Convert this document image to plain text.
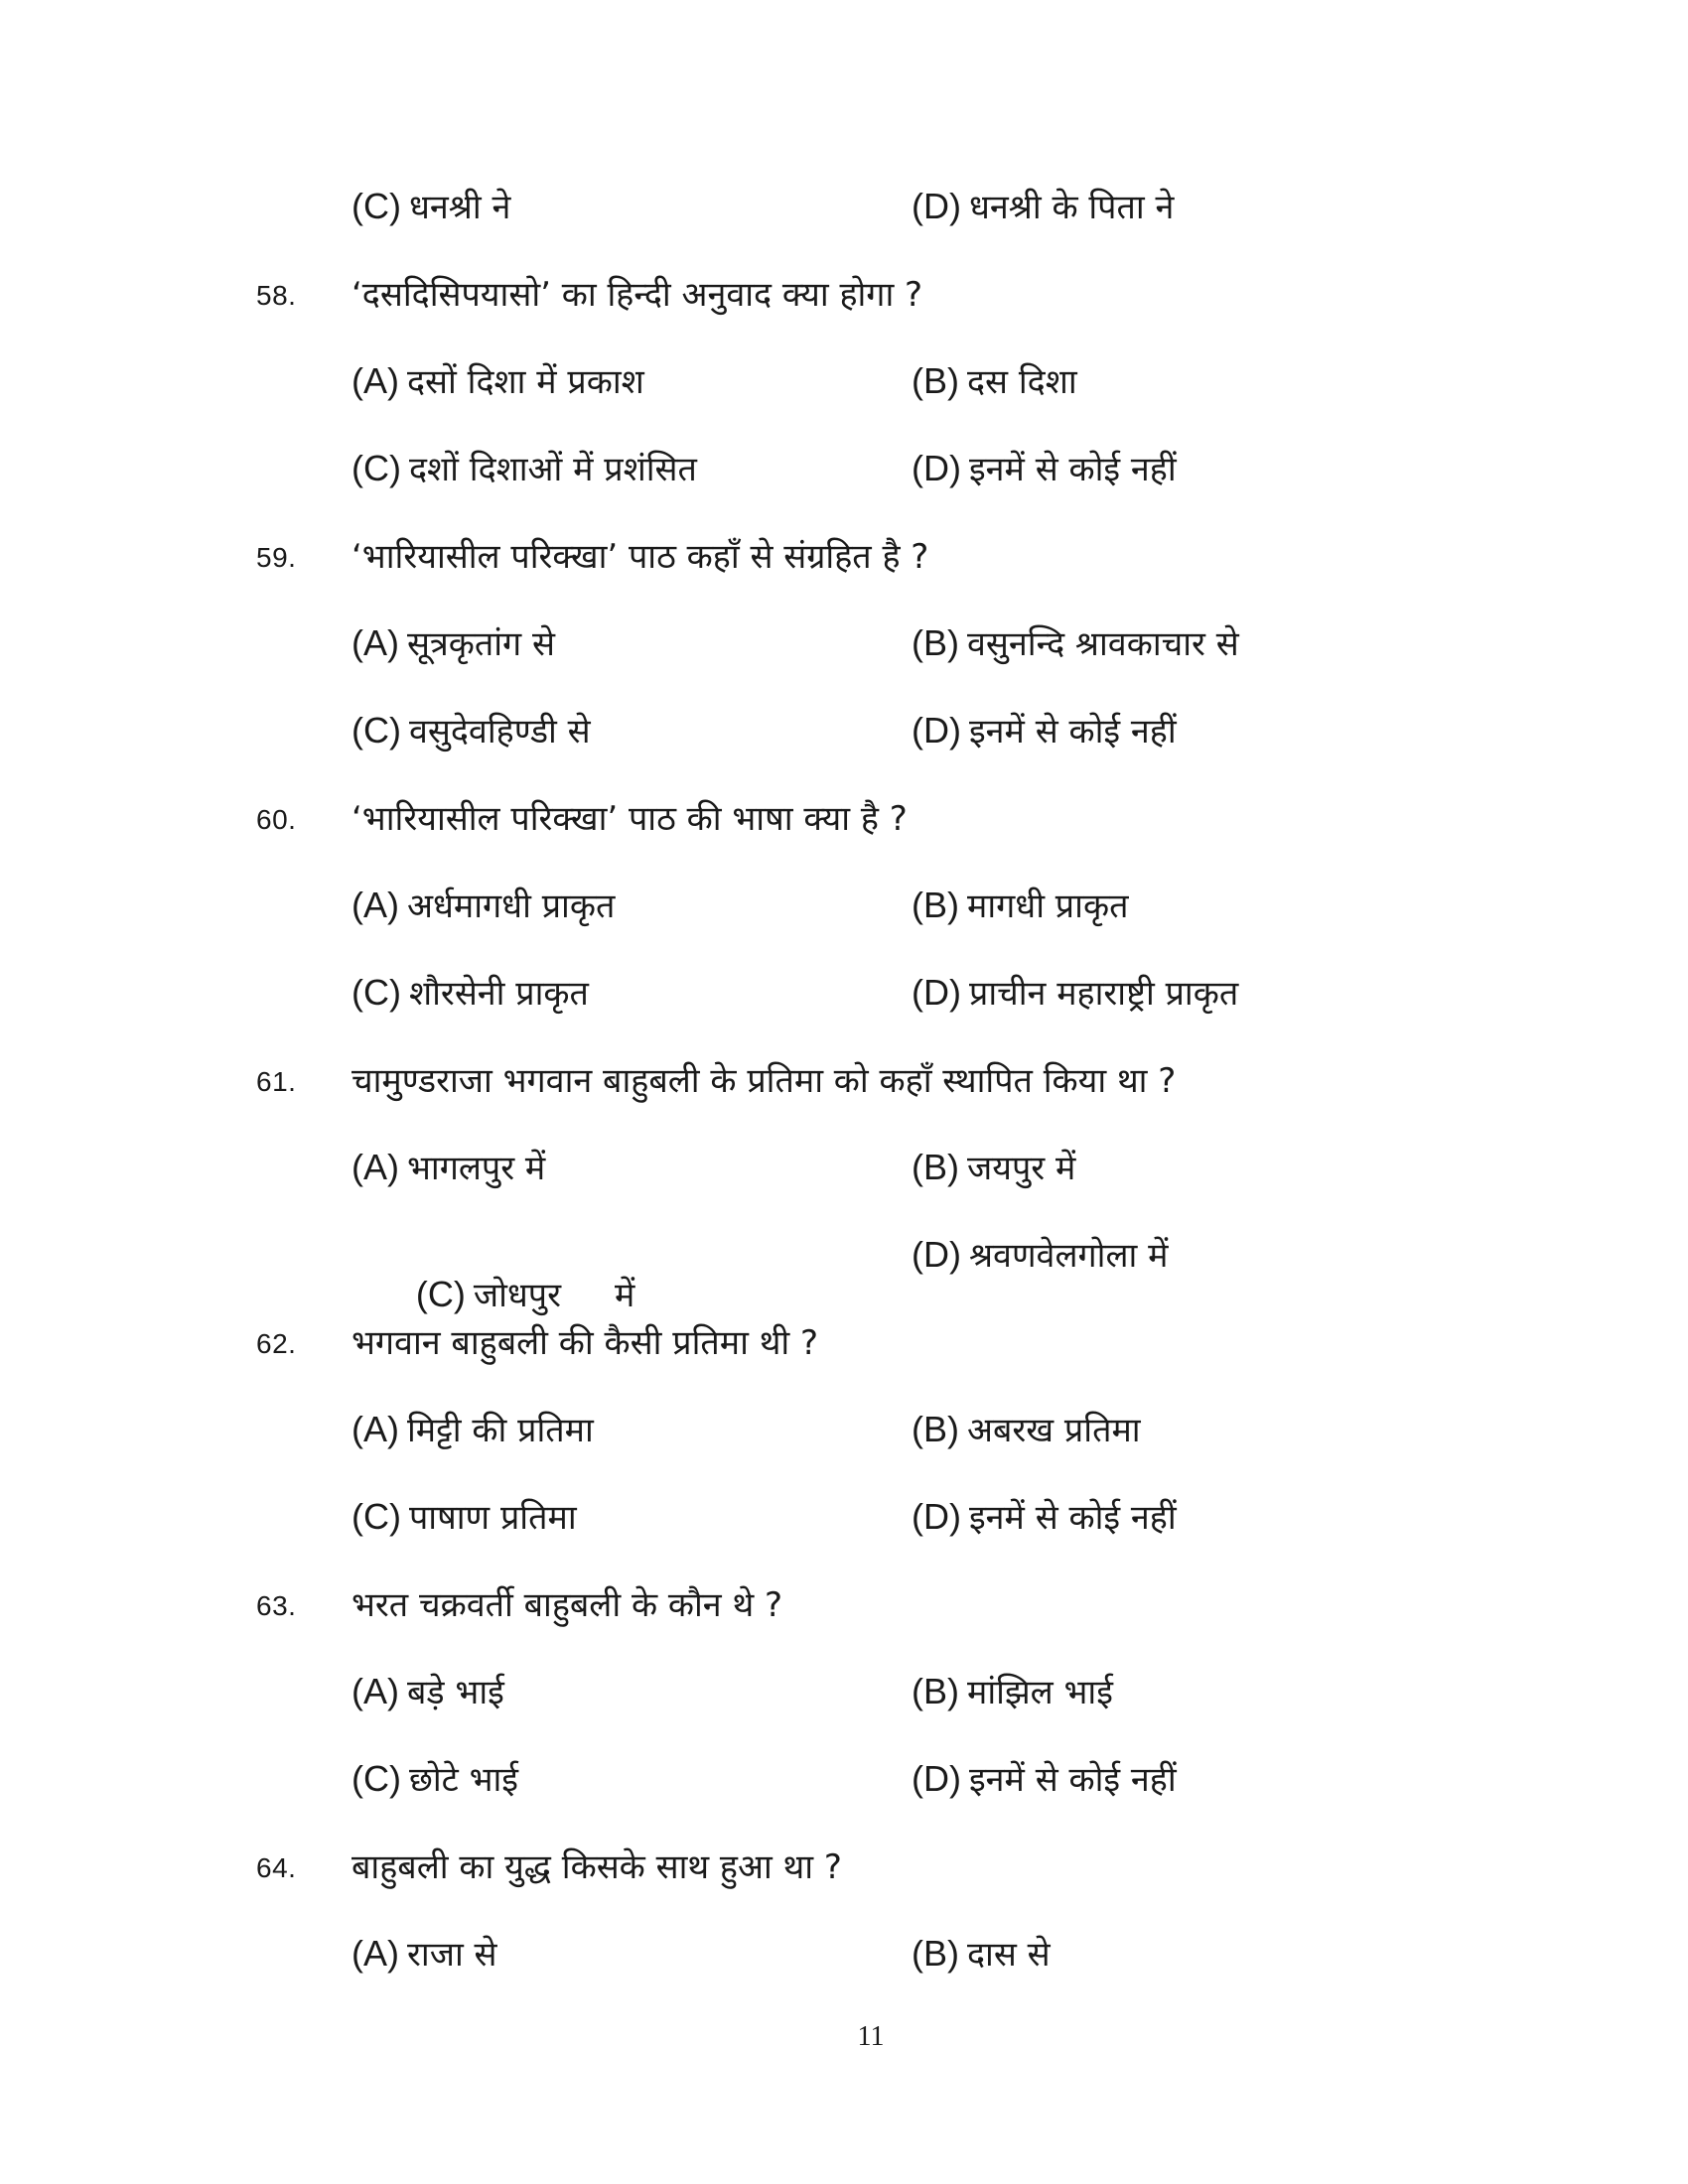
(C) धनश्री ने	(D) धनश्री के पिता ने
58. ‘दसदिसिपयासो’ का हिन्दी अनुवाद क्या होगा ?
(A) दसों दिशा में प्रकाश	(B) दस दिशा
(C) दशों दिशाओं में प्रशंसित	(D) इनमें से कोई नहीं
59. ‘भारियासील परिक्खा’ पाठ कहाँ से संग्रहित है ?
(A) सूत्रकृतांग से	(B) वसुनन्दि श्रावकाचार से
(C) वसुदेवहिण्डी से	(D) इनमें से कोई नहीं
60. ‘भारियासील परिक्खा’ पाठ की भाषा क्या है ?
(A) अर्धमागधी प्राकृत	(B) मागधी प्राकृत
(C) शौरसेनी प्राकृत	(D) प्राचीन महाराष्ट्री प्राकृत
61. चामुण्डराजा भगवान बाहुबली के प्रतिमा को कहाँ स्थापित किया था ?
(A) भागलपुर में	(B) जयपुर में

(C) जोधपुर     में

(D) श्रवणवेलगोला में
62. भगवान बाहुबली की कैसी प्रतिमा थी ?
(A) मिट्टी की प्रतिमा	(B) अबरख प्रतिमा
(C) पाषाण प्रतिमा	(D) इनमें से कोई नहीं
63. भरत चक्रवर्ती बाहुबली के कौन थे ?
(A) बड़े भाई	(B) मांझिल भाई
(C) छोटे भाई	(D) इनमें से कोई नहीं
64. बाहुबली का युद्ध किसके साथ हुआ था ?
(A) राजा से	(B) दास से
11
